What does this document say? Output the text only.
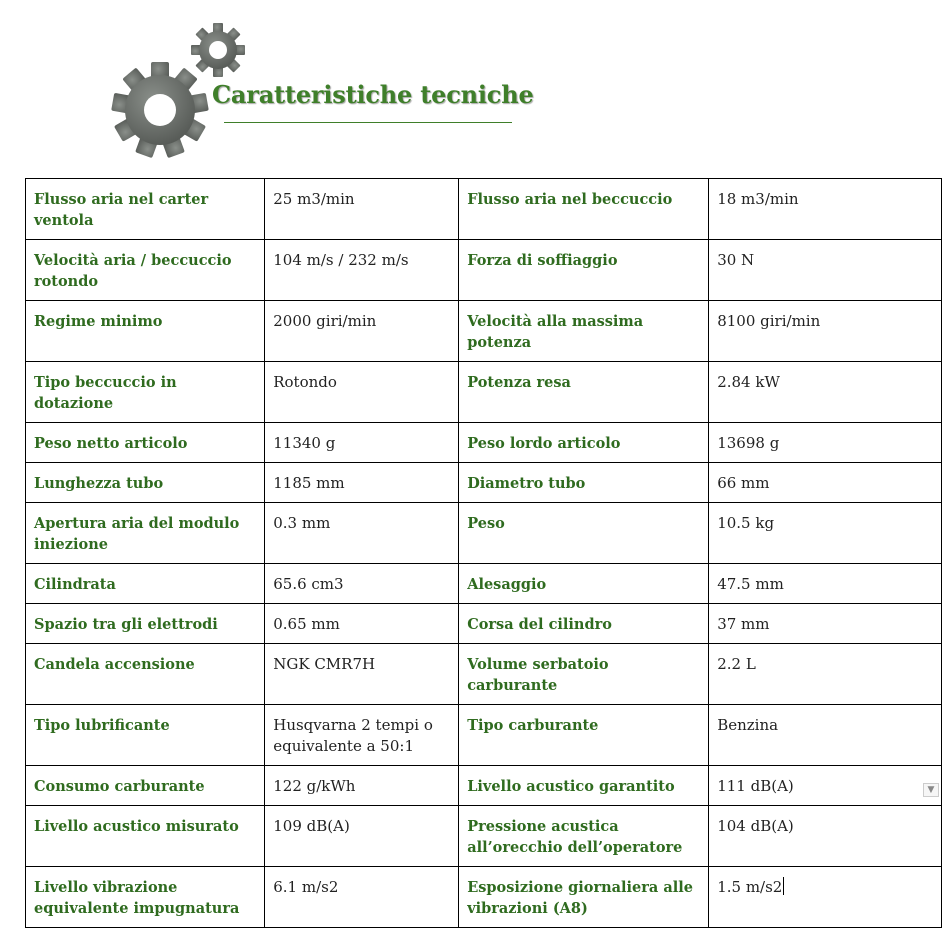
Caratteristiche tecniche
Flusso aria nel carter ventola	25 m3/min	Flusso aria nel beccuccio	18 m3/min
Velocità aria / beccuccio rotondo	104 m/s / 232 m/s	Forza di soffiaggio	30 N
Regime minimo	2000 giri/min	Velocità alla massima potenza	8100 giri/min
Tipo beccuccio in dotazione	Rotondo	Potenza resa	2.84 kW
Peso netto articolo	11340 g	Peso lordo articolo	13698 g
Lunghezza tubo	1185 mm	Diametro tubo	66 mm
Apertura aria del modulo iniezione	0.3 mm	Peso	10.5 kg
Cilindrata	65.6 cm3	Alesaggio	47.5 mm
Spazio tra gli elettrodi	0.65 mm	Corsa del cilindro	37 mm
Candela accensione	NGK CMR7H	Volume serbatoio carburante	2.2 L
Tipo lubrificante	Husqvarna 2 tempi o equivalente a 50:1	Tipo carburante	Benzina
Consumo carburante	122 g/kWh	Livello acustico garantito	111 dB(A)
Livello acustico misurato	109 dB(A)	Pressione acustica all’orecchio dell’operatore	104 dB(A)
Livello vibrazione equivalente impugnatura	6.1 m/s2	Esposizione giornaliera alle vibrazioni (A8)	1.5 m/s2
▼
